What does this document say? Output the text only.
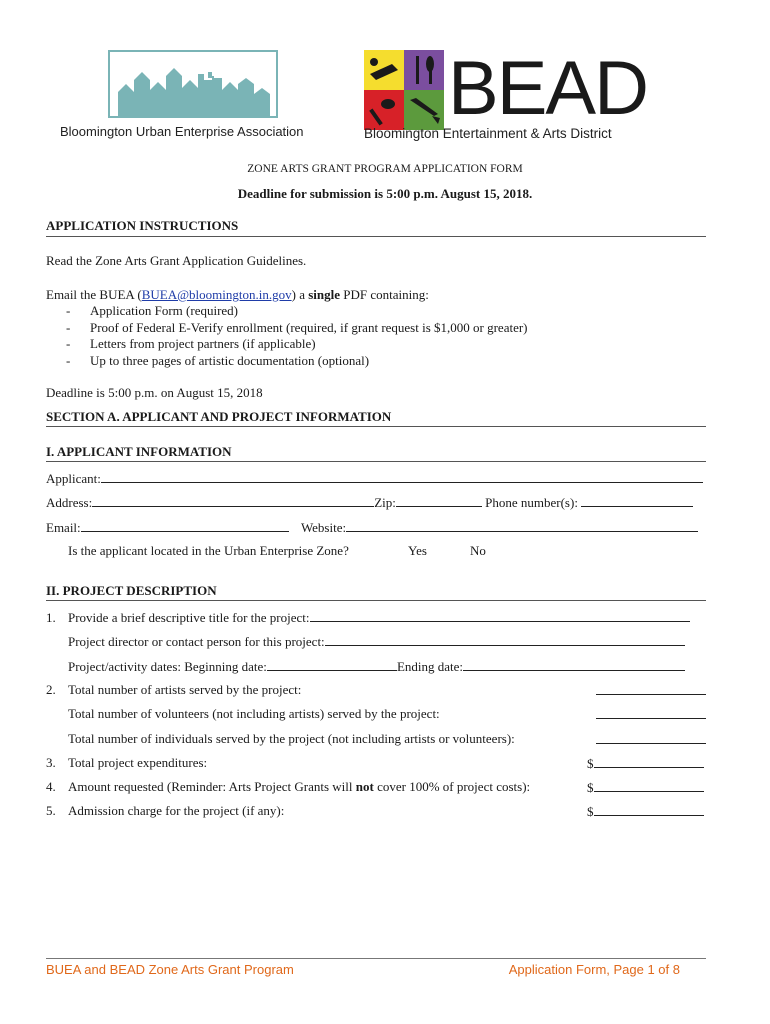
Bloomington Urban Enterprise Association
BEAD
Bloomington Entertainment & Arts District
ZONE ARTS GRANT PROGRAM APPLICATION FORM
Deadline for submission is 5:00 p.m. August 15, 2018.
APPLICATION INSTRUCTIONS
Read the Zone Arts Grant Application Guidelines.
Email the BUEA (BUEA@bloomington.in.gov) a single PDF containing:
- Application Form (required)
- Proof of Federal E-Verify enrollment (required, if grant request is $1,000 or greater)
- Letters from project partners (if applicable)
- Up to three pages of artistic documentation (optional)
Deadline is 5:00 p.m. on August 15, 2018
SECTION A. APPLICANT AND PROJECT INFORMATION
I. APPLICANT INFORMATION
Applicant:
Address:	Zip:	Phone number(s):
Email:	Website:
Is the applicant located in the Urban Enterprise Zone?	Yes	No
II. PROJECT DESCRIPTION
1. Provide a brief descriptive title for the project:
Project director or contact person for this project:
Project/activity dates: Beginning date:	Ending date:
2. Total number of artists served by the project:
Total number of volunteers (not including artists) served by the project:
Total number of individuals served by the project (not including artists or volunteers):
3. Total project expenditures:	$
4. Amount requested (Reminder: Arts Project Grants will not cover 100% of project costs):	$
5. Admission charge for the project (if any):	$
BUEA and BEAD Zone Arts Grant Program	Application Form, Page 1 of 8
